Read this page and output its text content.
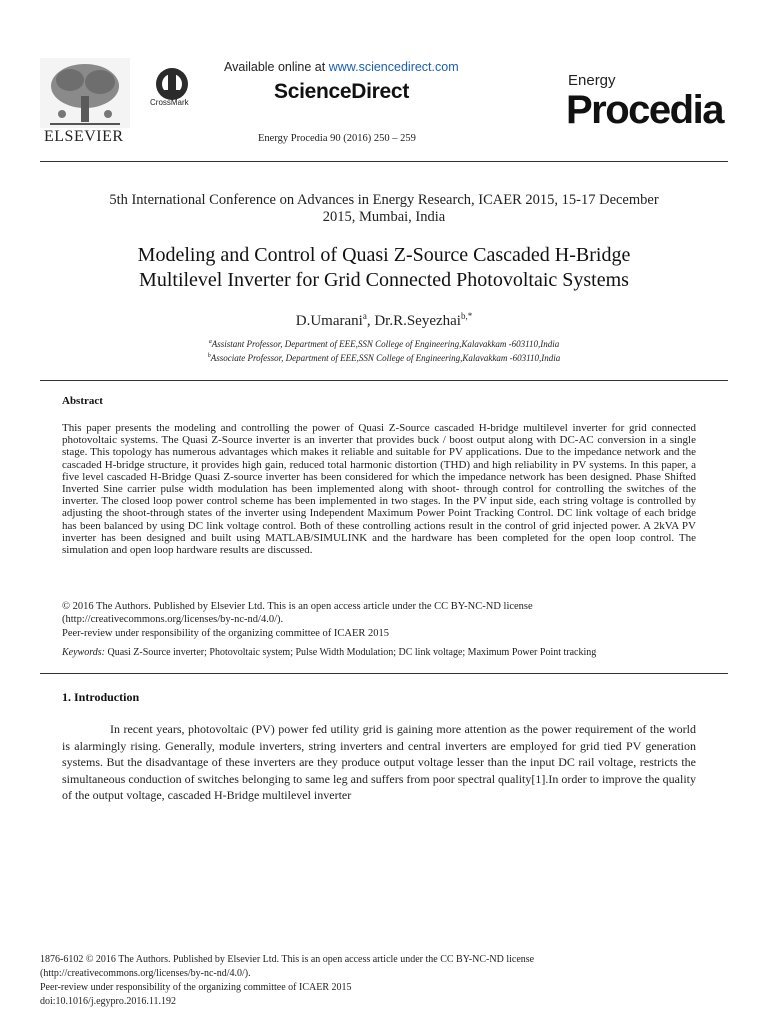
ELSEVIER
CrossMark
Available online at www.sciencedirect.com
ScienceDirect
Energy Procedia 90 (2016) 250 – 259
Energy
Procedia
5th International Conference on Advances in Energy Research, ICAER 2015, 15-17 December
2015, Mumbai, India
Modeling and Control of Quasi Z-Source Cascaded H-Bridge
Multilevel Inverter for Grid Connected Photovoltaic Systems
D.Umarani$^a$, Dr.R.Seyezhai$^{b,*}$
$^a$Assistant Professor, Department of EEE,SSN College of Engineering,Kalavakkam -603110,India
$^b$Associate Professor, Department of EEE,SSN College of Engineering,Kalavakkam -603110,India
Abstract
This paper presents the modeling and controlling the power of Quasi Z-Source cascaded H-bridge multilevel inverter for grid connected photovoltaic systems. The Quasi Z-Source inverter is an inverter that provides buck / boost output along with DC-AC conversion in a single stage. This topology has numerous advantages which makes it reliable and suitable for PV applications. Due to the impedance network and the cascaded H-bridge structure, it provides high gain, reduced total harmonic distortion (THD) and high reliability in PV systems. In this paper, a five level cascaded H-Bridge Quasi Z-source inverter has been considered for which the impedance network has been designed. Phase Shifted Inverted Sine carrier pulse width modulation has been implemented along with shoot- through control for controlling the switches of the inverter. The closed loop power control scheme has been implemented in two stages. In the PV input side, each string voltage is controlled by adjusting the shoot-through states of the inverter using Independent Maximum Power Point Tracking Control. DC link voltage of each bridge has been balanced by using DC link voltage control. Both of these controlling actions result in the control of grid injected power. A 2kVA PV inverter has been designed and built using MATLAB/SIMULINK and the hardware has been completed for the open loop control. The simulation and open loop hardware results are discussed.
© 2016 The Authors. Published by Elsevier Ltd. This is an open access article under the CC BY-NC-ND license
(http://creativecommons.org/licenses/by-nc-nd/4.0/).
Peer-review under responsibility of the organizing committee of ICAER 2015
Keywords: Quasi Z-Source inverter; Photovoltaic system; Pulse Width Modulation; DC link voltage; Maximum Power Point tracking
1. Introduction
In recent years, photovoltaic (PV) power fed utility grid is gaining more attention as the power requirement of the world is alarmingly rising. Generally, module inverters, string inverters and central inverters are employed for grid tied PV generation systems. But the disadvantage of these inverters are they produce output voltage lesser than the input DC rail voltage, restricts the simultaneous conduction of switches belonging to same leg and suffers from poor spectral quality[1].In order to improve the quality of the output voltage, cascaded H-Bridge multilevel inverter
1876-6102 © 2016 The Authors. Published by Elsevier Ltd. This is an open access article under the CC BY-NC-ND license
(http://creativecommons.org/licenses/by-nc-nd/4.0/).
Peer-review under responsibility of the organizing committee of ICAER 2015
doi:10.1016/j.egypro.2016.11.192
